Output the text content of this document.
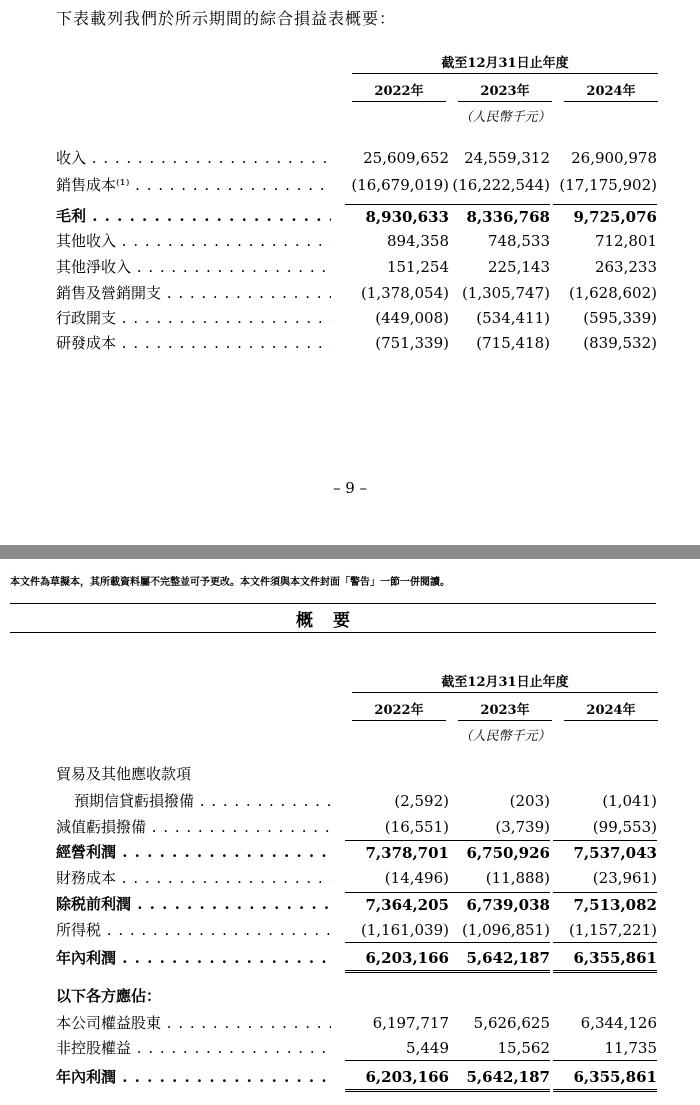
下表載列我們於所示期間的綜合損益表概要：
截至12月31日止年度
2022年	2023年	2024年
（人民幣千元）
收入 . . .	25,609,652	24,559,312	26,900,978
銷售成本⁽¹⁾ . . .	(16,679,019) (16,222,544) (17,175,902)
毛利 . . .	8,930,633	8,336,768	9,725,076
其他收入 . . .	894,358	748,533	712,801
其他淨收入 . . .	151,254	225,143	263,233
銷售及營銷開支 . . .	(1,378,054) (1,305,747)	(1,628,602)
行政開支 . . .	(449,008)	(534,411)	(595,339)
研發成本 . . .	(751,339)	(715,418)	(839,532)
– 9 –
本文件為草擬本，其所載資料屬不完整並可予更改。本文件須與本文件封面「警告」一節一併閱讀。
概要
截至12月31日止年度
2022年	2023年	2024年
（人民幣千元）
貿易及其他應收款項
預期信貸虧損撥備 . . .	(2,592)	(203)	(1,041)
減值虧損撥備 . . .	(16,551)	(3,739)	(99,553)
經營利潤 . . .	7,378,701	6,750,926	7,537,043
財務成本 . . .	(14,496)	(11,888)	(23,961)
除税前利潤 . . .	7,364,205	6,739,038	7,513,082
所得税 . . .	(1,161,039) (1,096,851)	(1,157,221)
年內利潤 . . .	6,203,166	5,642,187	6,355,861
以下各方應佔：
本公司權益股東 . . .	6,197,717	5,626,625	6,344,126
非控股權益 . . .	5,449	15,562	11,735
年內利潤 . . .	6,203,166	5,642,187	6,355,861
